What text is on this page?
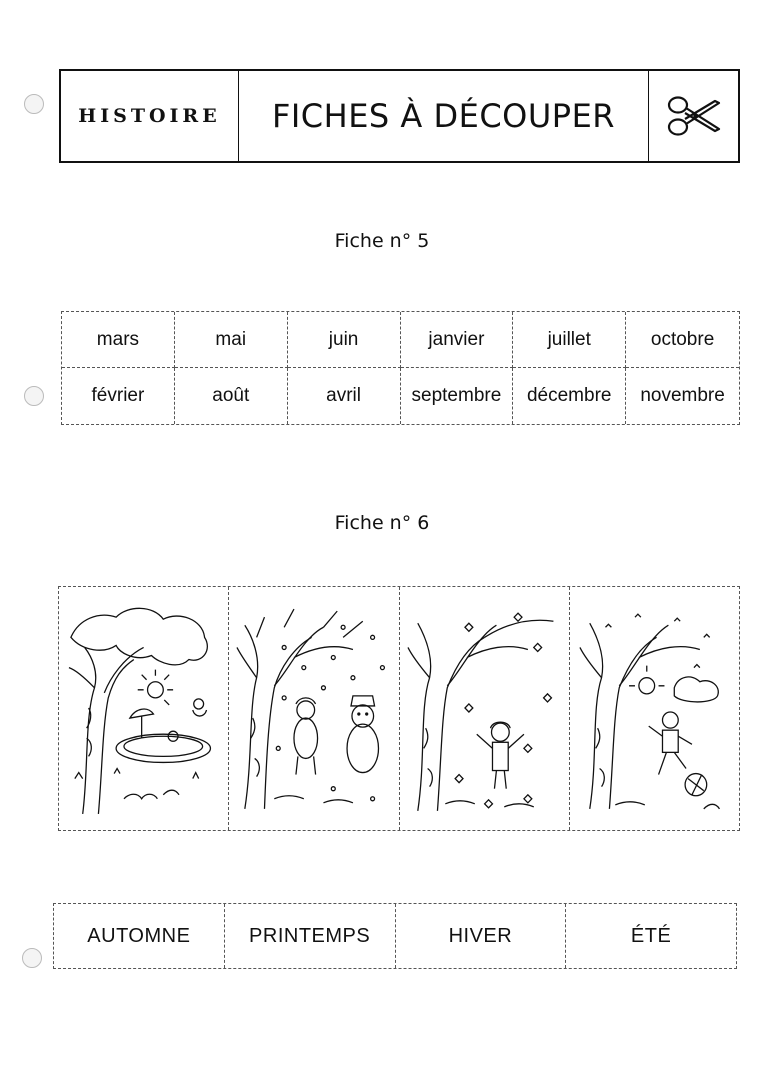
HISTOIRE	FICHES À DÉCOUPER
Fiche n° 5
mars	mai	juin	janvier	juillet	octobre
février	août	avril	septembre	décembre	novembre
Fiche n° 6
AUTOMNE	PRINTEMPS	HIVER	ÉTÉ
